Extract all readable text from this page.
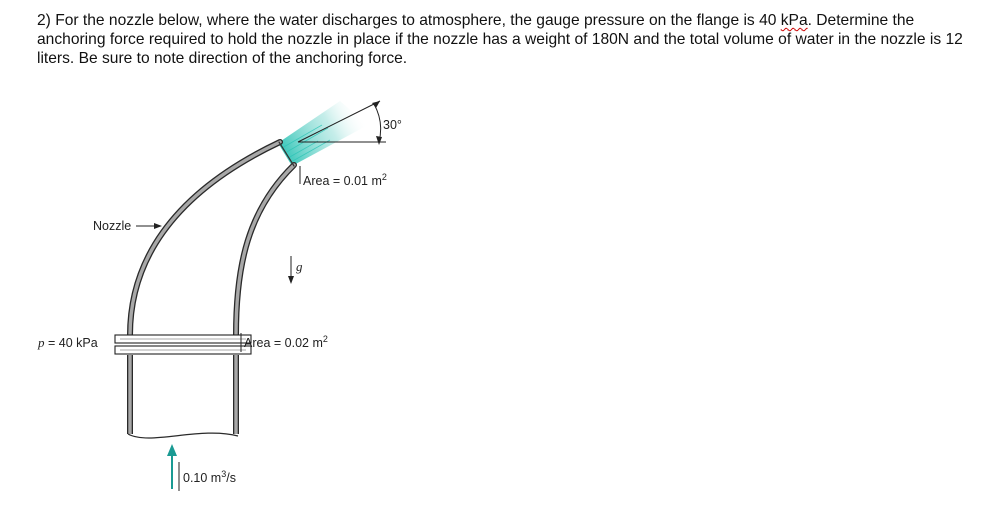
2) For the nozzle below, where the water discharges to atmosphere, the gauge pressure on the flange is 40 kPa. Determine the anchoring force required to hold the nozzle in place if the nozzle has a weight of 180N and the total volume of water in the nozzle is 12 liters. Be sure to note direction of the anchoring force.

30°
Area = 0.01 $m^2$
Nozzle
g
p = 40 kPa	Area = 0.02 $m^2$
0.10 $m^3/s$
